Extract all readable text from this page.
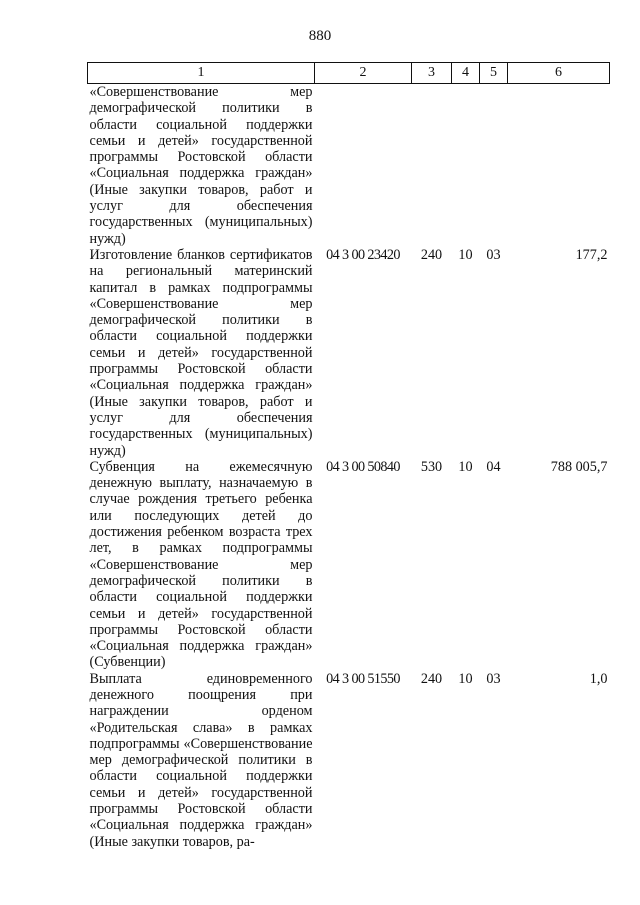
880
1	2	3	4	5	6
«Совершенствование мер демографической политики в области социальной поддержки семьи и детей» государственной программы Ростовской области «Социальная поддержка граждан» (Иные закупки товаров, работ и услуг для обеспечения государственных (муниципальных) нужд)					
Изготовление бланков сертификатов на региональный материнский капитал в рамках подпрограммы «Совершенствование мер демографической политики в области социальной поддержки семьи и детей» государственной программы Ростовской области «Социальная поддержка граждан» (Иные закупки товаров, работ и услуг для обеспечения государственных (муниципальных) нужд)	04 3 00 23420	240	10	03	177,2
Субвенция на ежемесячную денежную выплату, назначаемую в случае рождения третьего ребенка или последующих детей до достижения ребенком возраста трех лет, в рамках подпрограммы «Совершенствование мер демографической политики в области социальной поддержки семьи и детей» государственной программы Ростовской области «Социальная поддержка граждан» (Субвенции)	04 3 00 50840	530	10	04	788 005,7
Выплата единовременного денежного поощрения при награждении орденом «Родительская слава» в рамках подпрограммы «Совершенствование мер демографической политики в области социальной поддержки семьи и детей» государственной программы Ростовской области «Социальная поддержка граждан» (Иные закупки товаров, ра-	04 3 00 51550	240	10	03	1,0
